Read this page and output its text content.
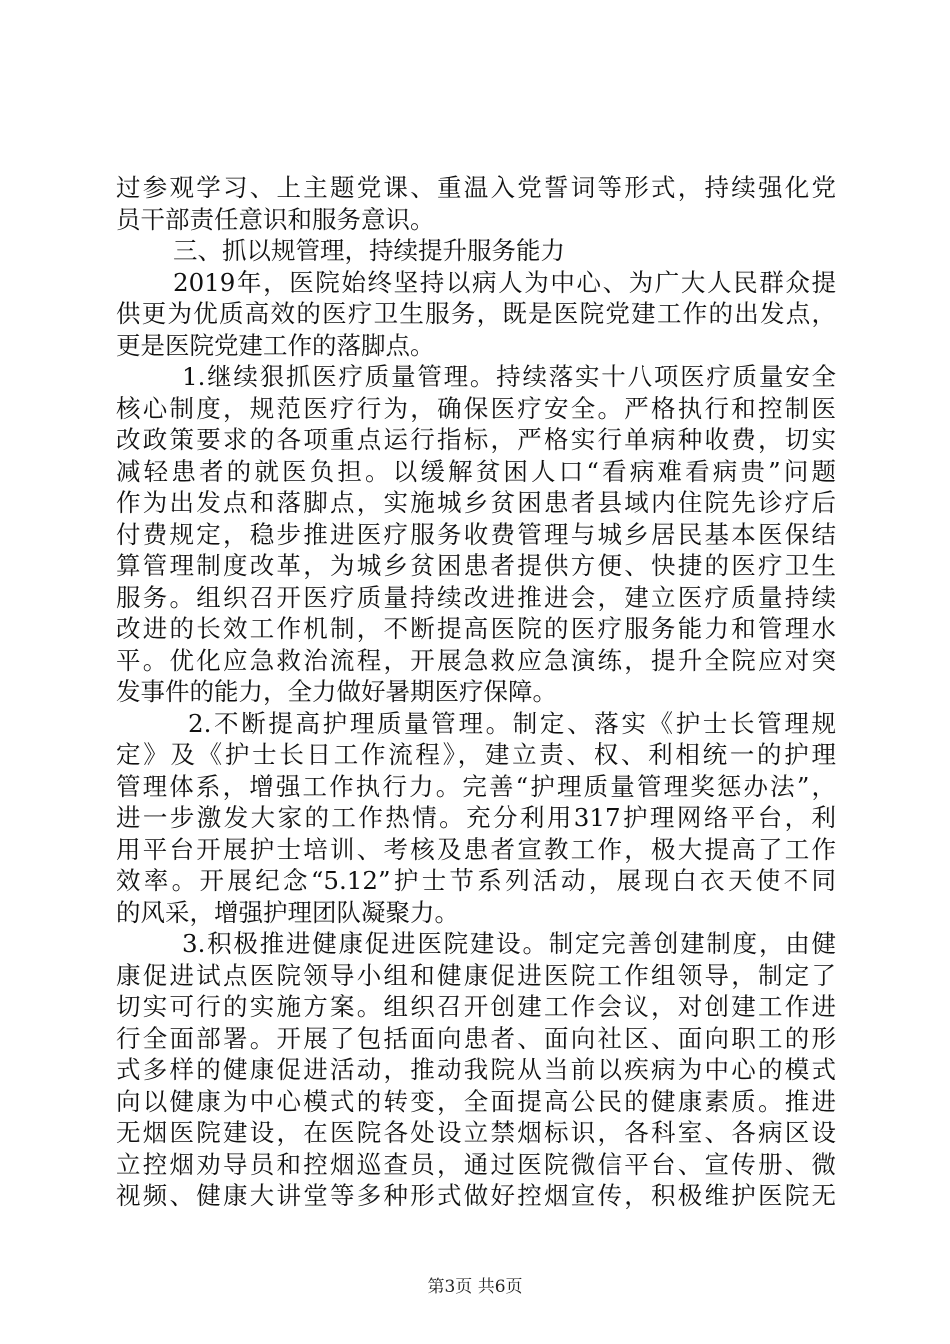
过参观学习、上主题党课、重温入党誓词等形式，持续强化党
员干部责任意识和服务意识。
三、抓以规管理，持续提升服务能力
2019年，医院始终坚持以病人为中心、为广大人民群众提
供更为优质高效的医疗卫生服务，既是医院党建工作的出发点，
更是医院党建工作的落脚点。
1.继续狠抓医疗质量管理。持续落实十八项医疗质量安全
核心制度，规范医疗行为，确保医疗安全。严格执行和控制医
改政策要求的各项重点运行指标，严格实行单病种收费，切实
减轻患者的就医负担。以缓解贫困人口“看病难看病贵”问题
作为出发点和落脚点，实施城乡贫困患者县域内住院先诊疗后
付费规定，稳步推进医疗服务收费管理与城乡居民基本医保结
算管理制度改革，为城乡贫困患者提供方便、快捷的医疗卫生
服务。组织召开医疗质量持续改进推进会，建立医疗质量持续
改进的长效工作机制，不断提高医院的医疗服务能力和管理水
平。优化应急救治流程，开展急救应急演练，提升全院应对突
发事件的能力，全力做好暑期医疗保障。
2.不断提高护理质量管理。制定、落实《护士长管理规
定》及《护士长日工作流程》，建立责、权、利相统一的护理
管理体系，增强工作执行力。完善“护理质量管理奖惩办法”，
进一步激发大家的工作热情。充分利用317护理网络平台，利
用平台开展护士培训、考核及患者宣教工作，极大提高了工作
效率。开展纪念“5.12”护士节系列活动，展现白衣天使不同
的风采，增强护理团队凝聚力。
3.积极推进健康促进医院建设。制定完善创建制度，由健
康促进试点医院领导小组和健康促进医院工作组领导，制定了
切实可行的实施方案。组织召开创建工作会议，对创建工作进
行全面部署。开展了包括面向患者、面向社区、面向职工的形
式多样的健康促进活动，推动我院从当前以疾病为中心的模式
向以健康为中心模式的转变，全面提高公民的健康素质。推进
无烟医院建设，在医院各处设立禁烟标识，各科室、各病区设
立控烟劝导员和控烟巡查员，通过医院微信平台、宣传册、微
视频、健康大讲堂等多种形式做好控烟宣传，积极维护医院无
第3页 共6页
